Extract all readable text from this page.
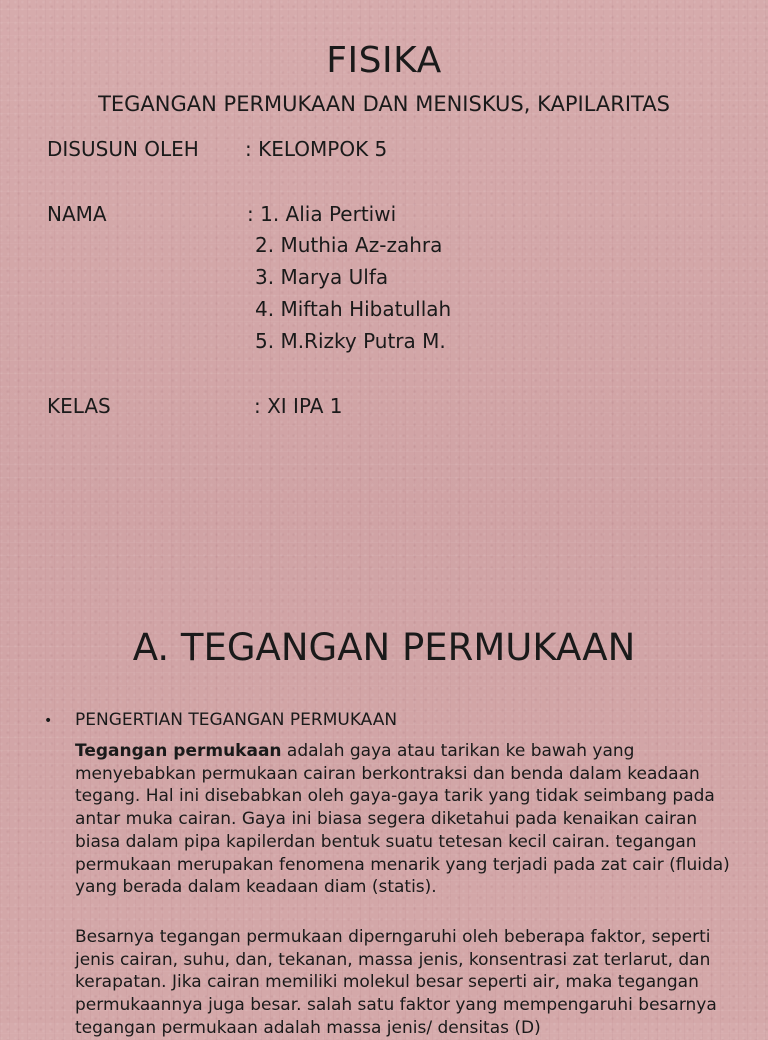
FISIKA
TEGANGAN PERMUKAAN DAN MENISKUS, KAPILARITAS
DISUSUN OLEH : KELOMPOK 5
NAMA	: 1. Alia Pertiwi
2. Muthia Az-zahra
3. Marya Ulfa
4. Miftah Hibatullah
5. M.Rizky Putra M.
KELAS	: XI IPA 1
A. TEGANGAN PERMUKAAN
• PENGERTIAN TEGANGAN PERMUKAAN
Tegangan permukaan adalah gaya atau tarikan ke bawah yang menyebabkan permukaan cairan berkontraksi dan benda dalam keadaan tegang. Hal ini disebabkan oleh gaya-gaya tarik yang tidak seimbang pada antar muka cairan. Gaya ini biasa segera diketahui pada kenaikan cairan biasa dalam pipa kapilerdan bentuk suatu tetesan kecil cairan. tegangan permukaan merupakan fenomena menarik yang terjadi pada zat cair (fluida) yang berada dalam keadaan diam (statis).
Besarnya tegangan permukaan diperngaruhi oleh beberapa faktor, seperti jenis cairan, suhu, dan, tekanan, massa jenis, konsentrasi zat terlarut, dan kerapatan. Jika cairan memiliki molekul besar seperti air, maka tegangan permukaannya juga besar. salah satu faktor yang mempengaruhi besarnya tegangan permukaan adalah massa jenis/ densitas (D)
